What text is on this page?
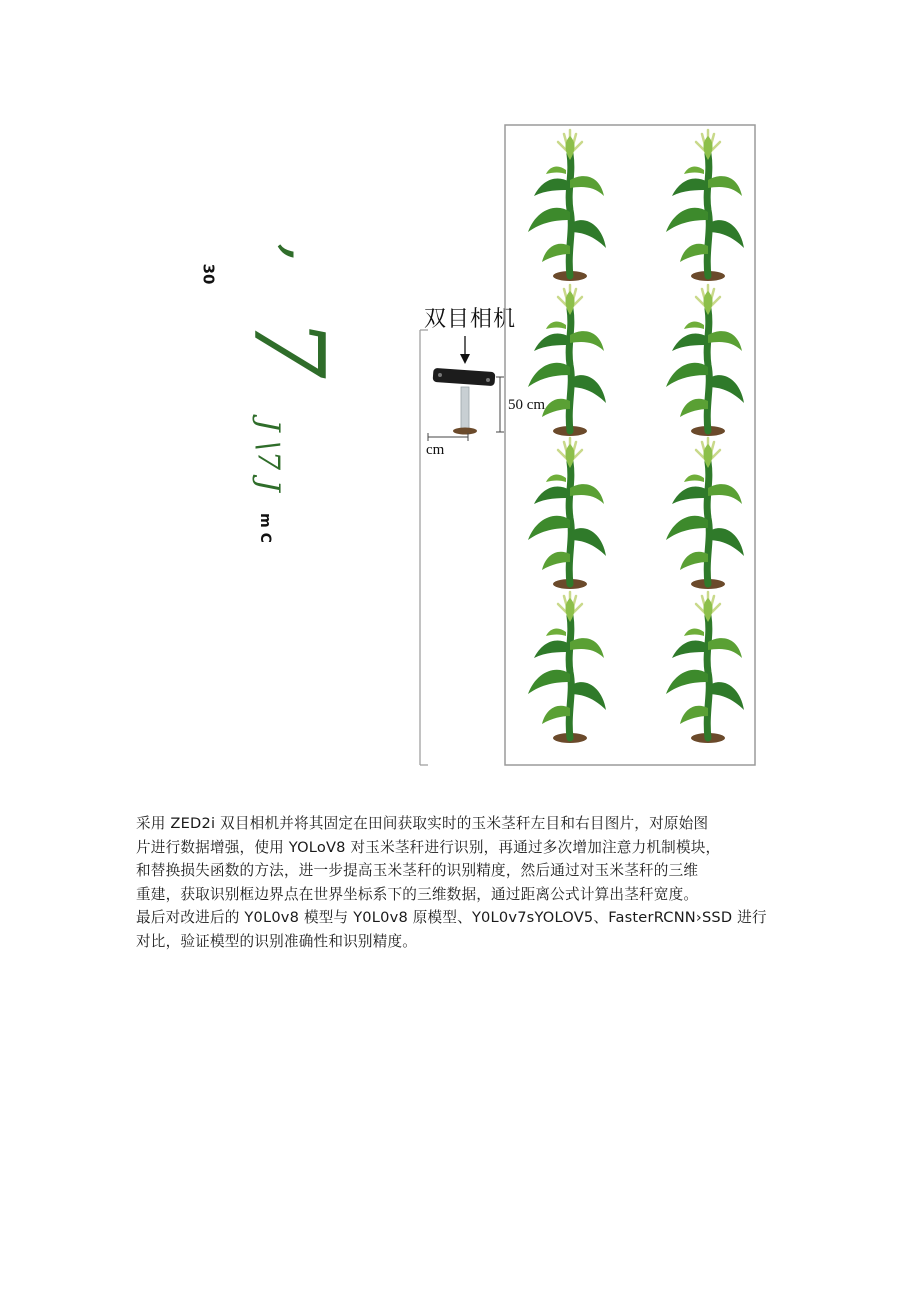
30
’
7
J \7 J
m C
双目相机
50 cm
cm

采用 ZED2i 双目相机并将其固定在田间获取实时的玉米茎秆左目和右目图片，对原始图

片进行数据增强，使用 YOLoV8 对玉米茎秆进行识别，再通过多次增加注意力机制模块，

和替换损失函数的方法，进一步提高玉米茎秆的识别精度，然后通过对玉米茎秆的三维

重建，获取识别框边界点在世界坐标系下的三维数据，通过距离公式计算出茎秆宽度。

最后对改进后的 Y0L0v8 模型与 Y0L0v8 原模型、Y0L0v7sYOLOV5、FasterRCNN›SSD 进行

对比，验证模型的识别准确性和识别精度。
